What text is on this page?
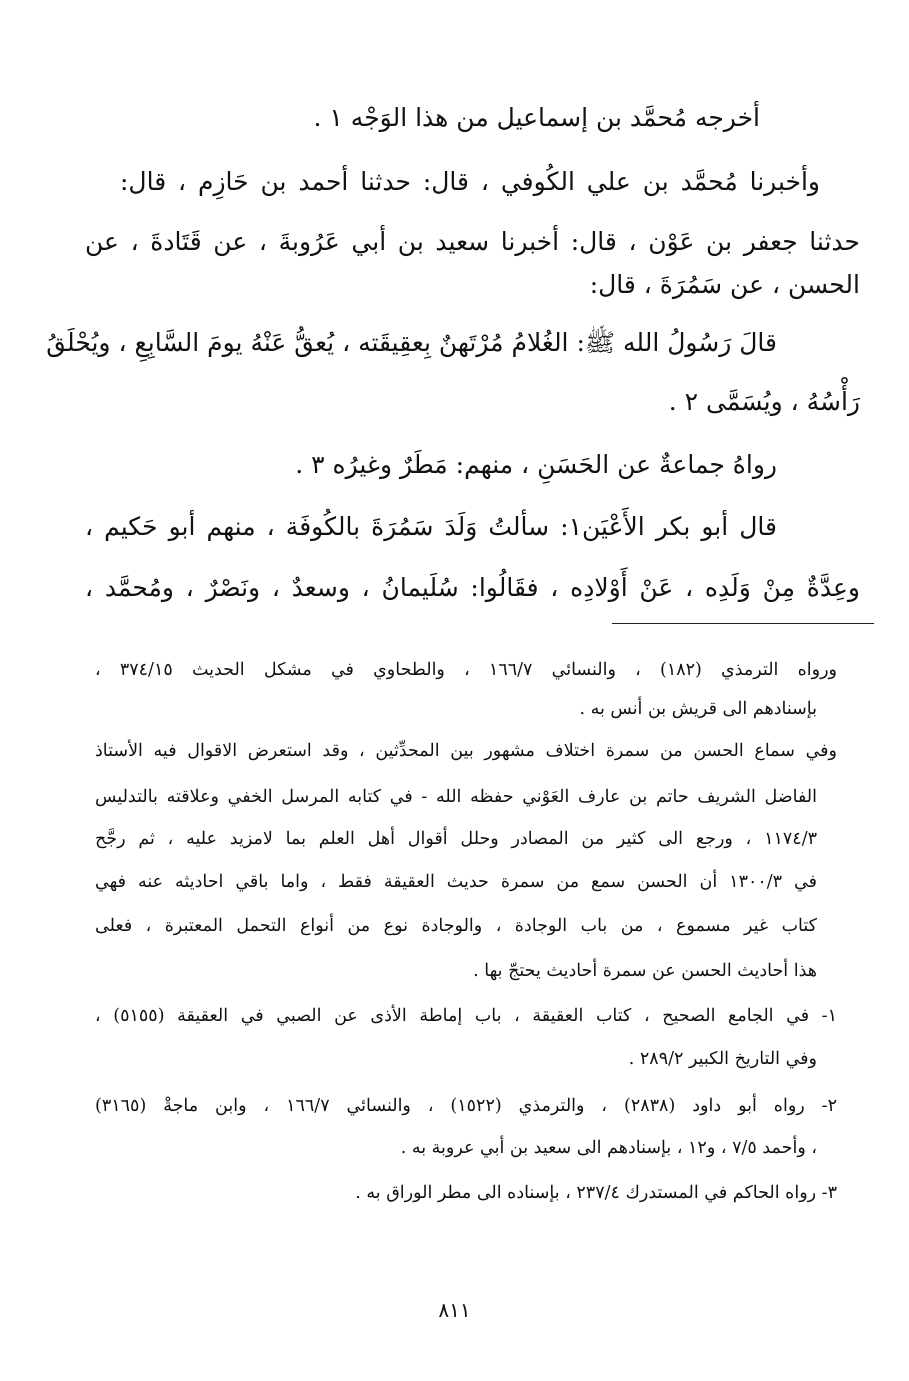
أخرجه مُحمَّد بن إسماعيل من هذا الوَجْه ١ .
وأخبرنا مُحمَّد بن علي الكُوفي ، قال: حدثنا أحمد بن حَازِم ، قال:
حدثنا جعفر بن عَوْن ، قال: أخبرنا سعيد بن أبي عَرُوبةَ ، عن قَتَادةَ ، عن
الحسن ، عن سَمُرَةَ ، قال:
قالَ رَسُولُ الله ﷺ: الغُلامُ مُرْتَهنٌ بِعقِيقَته ، يُعقُّ عَنْهُ يومَ السَّابِعِ ، ويُحْلَقُ
رَأْسُهُ ، ويُسَمَّى ٢ .
رواهُ جماعةٌ عن الحَسَنِ ، منهم: مَطَرٌ وغيرُه ٣ .
قال أبو بكر الأَعْيَن١: سألتُ وَلَدَ سَمُرَةَ بالكُوفَة ، منهم أبو حَكيم ،
وعِدَّةٌ مِنْ وَلَدِه ، عَنْ أَوْلادِه ، فقَالُوا: سُلَيمانُ ، وسعدٌ ، ونَصْرٌ ، ومُحمَّد ،
ورواه الترمذي (١٨٢) ، والنسائي ١٦٦/٧ ، والطحاوي في مشكل الحديث ٣٧٤/١٥ ،
بإسنادهم الى قريش بن أنس به .
وفي سماع الحسن من سمرة اختلاف مشهور بين المحدِّثين ، وقد استعرض الاقوال فيه الأستاذ
الفاضل الشريف حاتم بن عارف العَوْني حفظه الله - في كتابه المرسل الخفي وعلاقته بالتدليس
١١٧٤/٣ ، ورجع الى كثير من المصادر وحلل أقوال أهل العلم بما لامزيد عليه ، ثم رجَّح
في ١٣٠٠/٣ أن الحسن سمع من سمرة حديث العقيقة فقط ، واما باقي احاديثه عنه فهي
كتاب غير مسموع ، من باب الوجادة ، والوجادة نوع من أنواع التحمل المعتبرة ، فعلى
هذا أحاديث الحسن عن سمرة أحاديث يحتجّ بها .
١- في الجامع الصحيح ، كتاب العقيقة ، باب إماطة الأذى عن الصبي في العقيقة (٥١٥٥) ،
وفي التاريخ الكبير ٢٨٩/٢ .
٢- رواه أبو داود (٢٨٣٨) ، والترمذي (١٥٢٢) ، والنسائي ١٦٦/٧ ، وابن ماجةْ (٣١٦٥)
، وأحمد ٧/٥ ، و١٢ ، بإسنادهم الى سعيد بن أبي عروبة به .
٣- رواه الحاكم في المستدرك ٢٣٧/٤ ، بإسناده الى مطر الوراق به .
٨١١
